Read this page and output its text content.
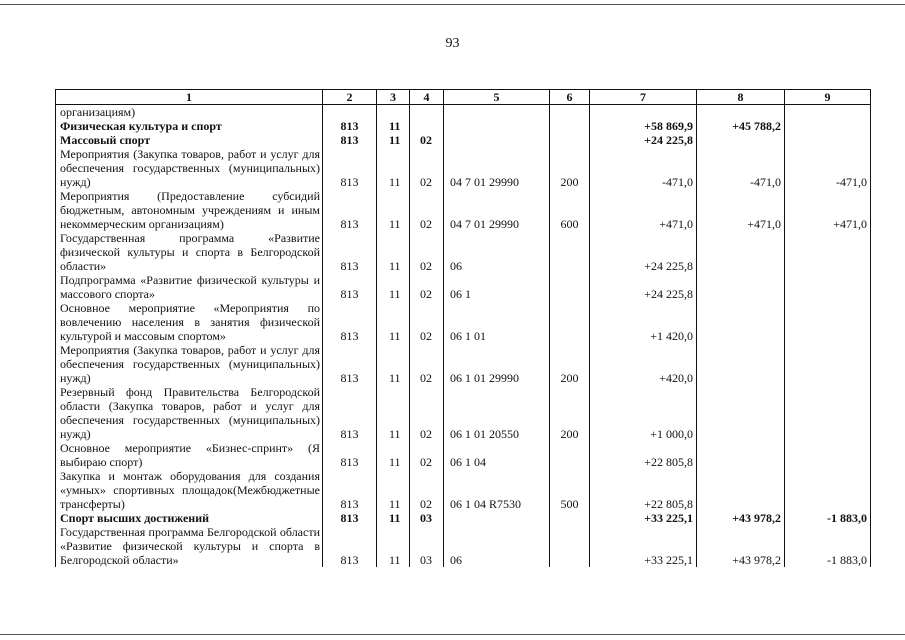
93
1	2	3	4	5	6	7	8	9
организациям)								
Физическая культура и спорт	813	11				+58 869,9	+45 788,2	
Массовый спорт	813	11	02			+24 225,8		
Мероприятия (Закупка товаров, работ и услуг для обеспечения государственных (муниципальных) нужд)	813	11	02	04 7 01 29990	200	-471,0	-471,0	-471,0
Мероприятия (Предоставление субсидий бюджетным, автономным учреждениям и иным некоммерческим организациям)	813	11	02	04 7 01 29990	600	+471,0	+471,0	+471,0
Государственная программа «Развитие физической культуры и спорта в Белгородской области»	813	11	02	06		+24 225,8		
Подпрограмма «Развитие физической культуры и массового спорта»	813	11	02	06 1		+24 225,8		
Основное мероприятие «Мероприятия по вовлечению населения в занятия физической культурой и массовым спортом»	813	11	02	06 1 01		+1 420,0		
Мероприятия (Закупка товаров, работ и услуг для обеспечения государственных (муниципальных) нужд)	813	11	02	06 1 01 29990	200	+420,0		
Резервный фонд Правительства Белгородской области (Закупка товаров, работ и услуг для обеспечения государственных (муниципальных) нужд)	813	11	02	06 1 01 20550	200	+1 000,0		
Основное мероприятие «Бизнес-спринт» (Я выбираю спорт)	813	11	02	06 1 04		+22 805,8		
Закупка и монтаж оборудования для создания «умных» спортивных площадок(Межбюджетные трансферты)	813	11	02	06 1 04 R7530	500	+22 805,8		
Спорт высших достижений	813	11	03			+33 225,1	+43 978,2	-1 883,0
Государственная программа Белгородской области «Развитие физической культуры и спорта в Белгородской области»	813	11	03	06		+33 225,1	+43 978,2	-1 883,0
